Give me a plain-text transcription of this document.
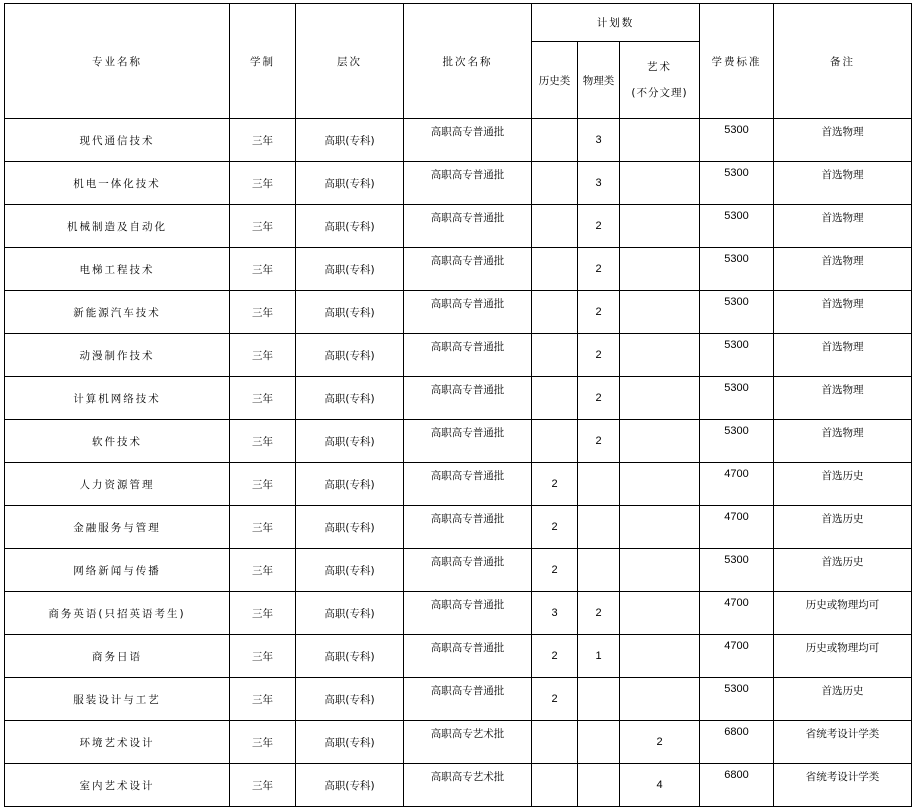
专业名称	学制	层次	批次名称	计划数			学费标准	备注
				历史类	物理类	艺术
(不分文理)		

现代通信技术	三年	高职(专科)	高职高专普通批		3		5300	首选物理
机电一体化技术	三年	高职(专科)	高职高专普通批		3		5300	首选物理
机械制造及自动化	三年	高职(专科)	高职高专普通批		2		5300	首选物理
电梯工程技术	三年	高职(专科)	高职高专普通批		2		5300	首选物理
新能源汽车技术	三年	高职(专科)	高职高专普通批		2		5300	首选物理
动漫制作技术	三年	高职(专科)	高职高专普通批		2		5300	首选物理
计算机网络技术	三年	高职(专科)	高职高专普通批		2		5300	首选物理
软件技术	三年	高职(专科)	高职高专普通批		2		5300	首选物理
人力资源管理	三年	高职(专科)	高职高专普通批	2			4700	首选历史
金融服务与管理	三年	高职(专科)	高职高专普通批	2			4700	首选历史
网络新闻与传播	三年	高职(专科)	高职高专普通批	2			5300	首选历史
商务英语(只招英语考生)	三年	高职(专科)	高职高专普通批	3	2		4700	历史或物理均可
商务日语	三年	高职(专科)	高职高专普通批	2	1		4700	历史或物理均可
服装设计与工艺	三年	高职(专科)	高职高专普通批	2			5300	首选历史
环境艺术设计	三年	高职(专科)	高职高专艺术批			2	6800	省统考设计学类
室内艺术设计	三年	高职(专科)	高职高专艺术批			4	6800	省统考设计学类
